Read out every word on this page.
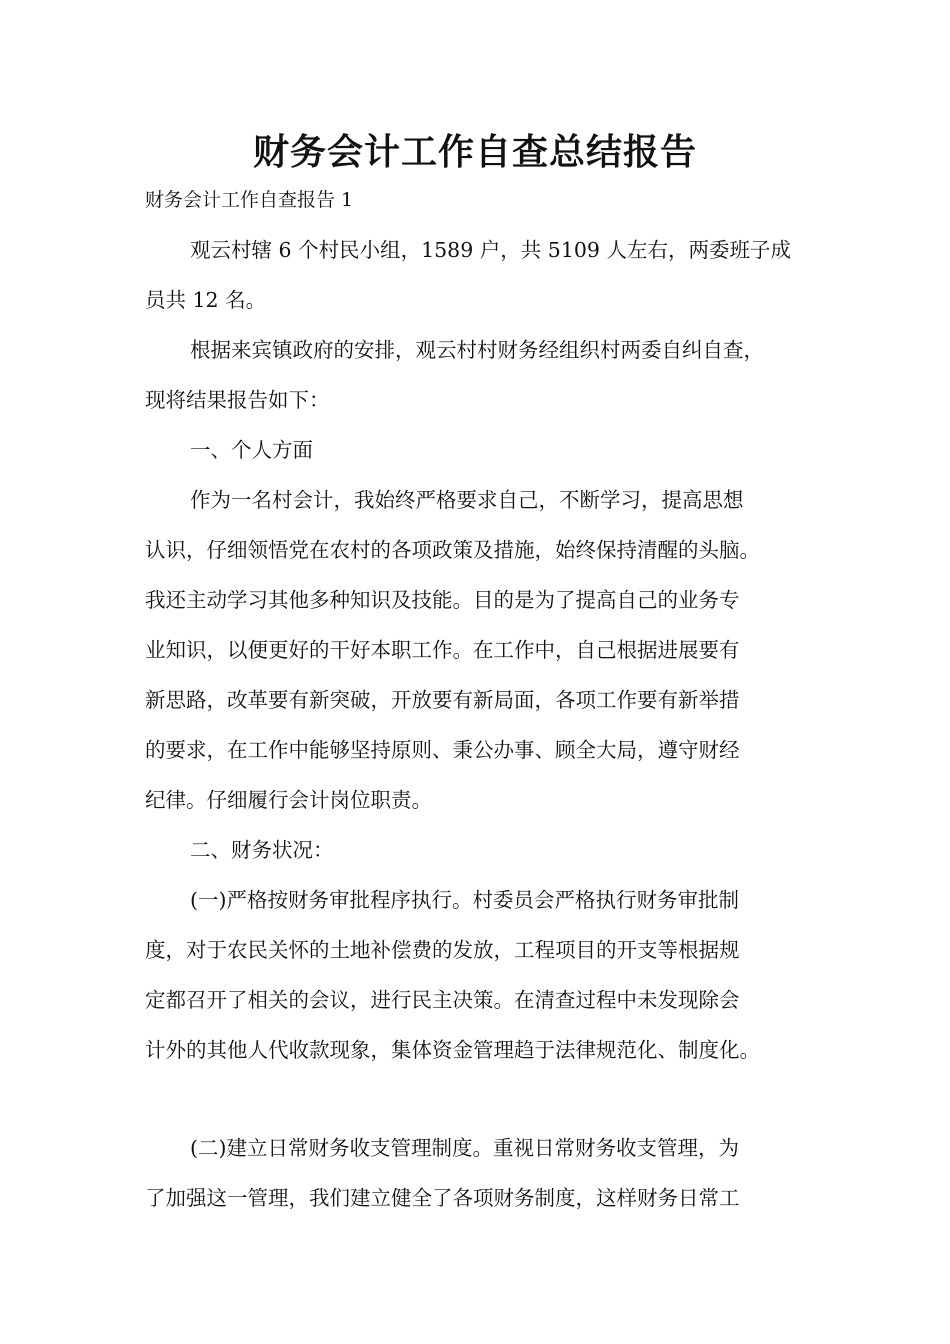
财务会计工作自查总结报告
财务会计工作自查报告 1
观云村辖 6 个村民小组，1589 户，共 5109 人左右，两委班子成
员共 12 名。
根据来宾镇政府的安排，观云村村财务经组织村两委自纠自查，
现将结果报告如下：
一、个人方面
作为一名村会计，我始终严格要求自己，不断学习，提高思想
认识，仔细领悟党在农村的各项政策及措施，始终保持清醒的头脑。
我还主动学习其他多种知识及技能。目的是为了提高自己的业务专
业知识，以便更好的干好本职工作。在工作中，自己根据进展要有
新思路，改革要有新突破，开放要有新局面，各项工作要有新举措
的要求，在工作中能够坚持原则、秉公办事、顾全大局，遵守财经
纪律。仔细履行会计岗位职责。
二、财务状况：
(一)严格按财务审批程序执行。村委员会严格执行财务审批制
度，对于农民关怀的土地补偿费的发放，工程项目的开支等根据规
定都召开了相关的会议，进行民主决策。在清查过程中未发现除会
计外的其他人代收款现象，集体资金管理趋于法律规范化、制度化。
(二)建立日常财务收支管理制度。重视日常财务收支管理，为
了加强这一管理，我们建立健全了各项财务制度，这样财务日常工
